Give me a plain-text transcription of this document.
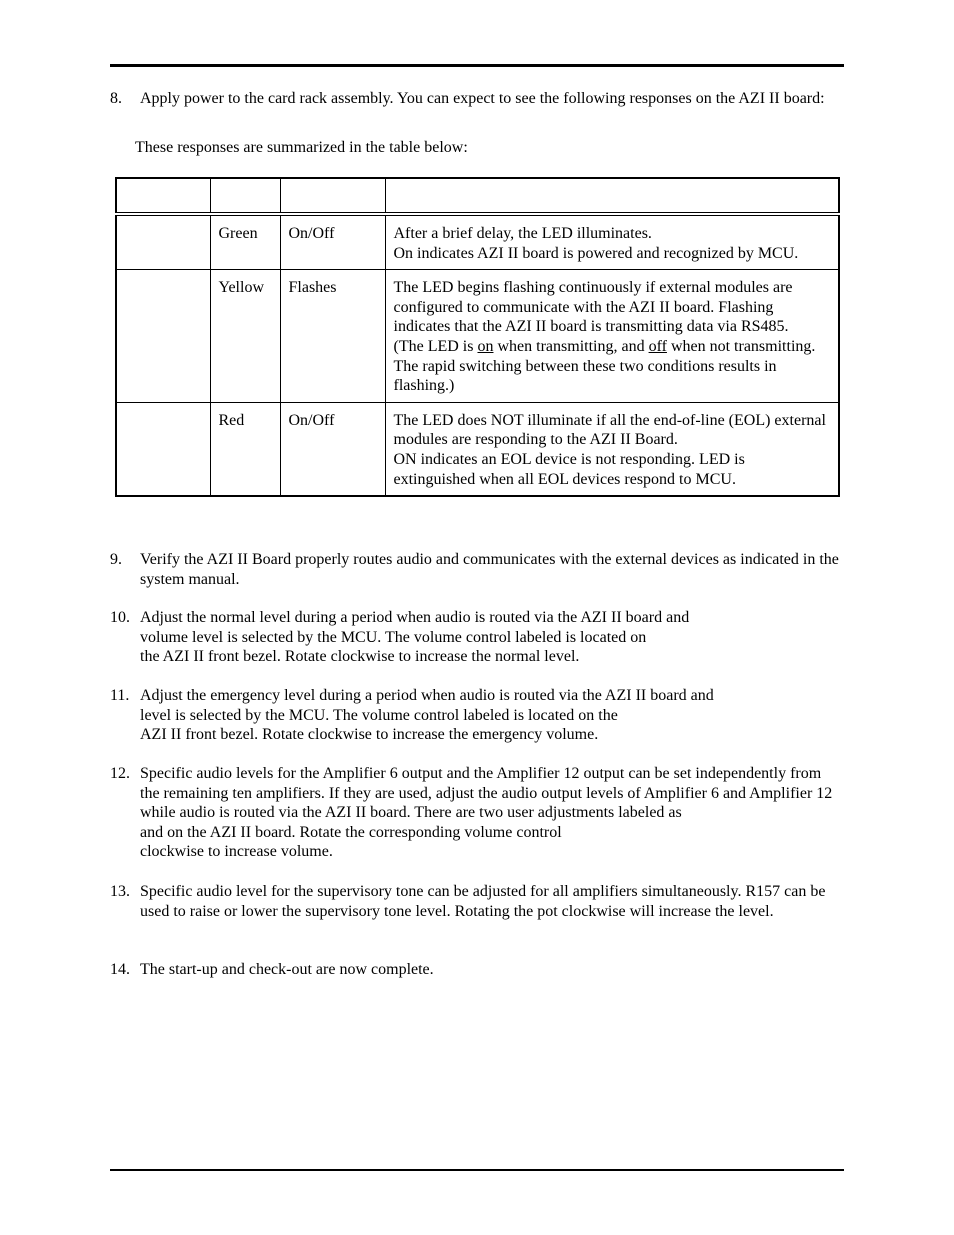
8. Apply power to the card rack assembly. You can expect to see the following responses on the AZI II board:
These responses are summarized in the table below:

	Green	On/Off	After a brief delay, the LED illuminates.
On indicates AZI II board is powered and recognized by MCU.
	Yellow	Flashes	The LED begins flashing continuously if external modules are configured to communicate with the AZI II board. Flashing indicates that the AZI II board is transmitting data via RS485.
(The LED is on when transmitting, and off when not transmitting. The rapid switching between these two conditions results in flashing.)
	Red	On/Off	The LED does NOT illuminate if all the end-of-line (EOL) external modules are responding to the AZI II Board.
ON indicates an EOL device is not responding. LED is extinguished when all EOL devices respond to MCU.
9. Verify the AZI II Board properly routes audio and communicates with the external devices as indicated in the system manual.
10. Adjust the normal level during a period when audio is routed via the AZI II board and
volume level is selected by the MCU. The volume control labeled is located on
the AZI II front bezel. Rotate clockwise to increase the normal level.
11. Adjust the emergency level during a period when audio is routed via the AZI II board and
level is selected by the MCU. The volume control labeled is located on the
AZI II front bezel. Rotate clockwise to increase the emergency volume.
12. Specific audio levels for the Amplifier 6 output and the Amplifier 12 output can be set independently from the remaining ten amplifiers. If they are used, adjust the audio output levels of Amplifier 6 and Amplifier 12 while audio is routed via the AZI II board. There are two user adjustments labeled as
and on the AZI II board. Rotate the corresponding volume control
clockwise to increase volume.
13. Specific audio level for the supervisory tone can be adjusted for all amplifiers simultaneously. R157 can be used to raise or lower the supervisory tone level. Rotating the pot clockwise will increase the level.
14. The start-up and check-out are now complete.
